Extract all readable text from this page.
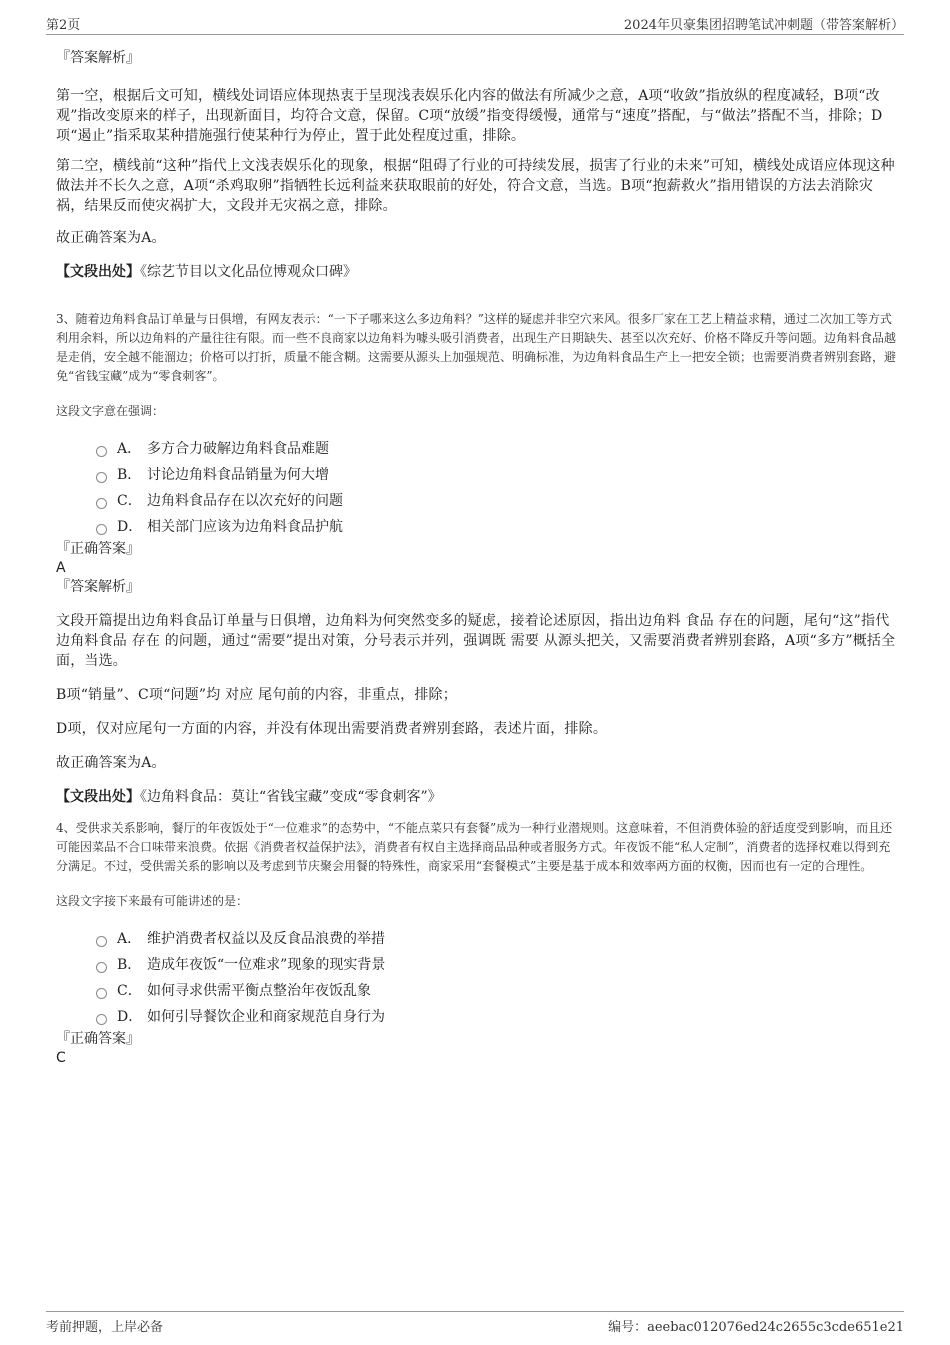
第2页	2024年贝豪集团招聘笔试冲刺题（带答案解析）
『答案解析』

第一空，根据后文可知，横线处词语应体现热衷于呈现浅表娱乐化内容的做法有所减少之意，A项“收敛”指放纵的程度减轻，B项“改观”指改变原来的样子，出现新面目，均符合文意，保留。C项“放缓”指变得缓慢，通常与“速度”搭配，与“做法”搭配不当，排除；D项“遏止”指采取某种措施强行使某种行为停止，置于此处程度过重，排除。

第二空，横线前“这种”指代上文浅表娱乐化的现象，根据“阻碍了行业的可持续发展，损害了行业的未来”可知，横线处成语应体现这种做法并不长久之意，A项“杀鸡取卵”指牺牲长远利益来获取眼前的好处，符合文意，当选。B项“抱薪救火”指用错误的方法去消除灾祸，结果反而使灾祸扩大，文段并无灾祸之意，排除。

故正确答案为A。

【文段出处】《综艺节目以文化品位博观众口碑》

3、随着边角料食品订单量与日俱增，有网友表示：“一下子哪来这么多边角料？”这样的疑虑并非空穴来风。很多厂家在工艺上精益求精，通过二次加工等方式利用余料，所以边角料的产量往往有限。而一些不良商家以边角料为噱头吸引消费者，出现生产日期缺失、甚至以次充好、价格不降反升等问题。边角料食品越是走俏，安全越不能溜边；价格可以打折，质量不能含糊。这需要从源头上加强规范、明确标准，为边角料食品生产上一把安全锁；也需要消费者辨别套路，避免“省钱宝藏”成为“零食刺客”。

这段文字意在强调：

A． 多方合力破解边角料食品难题
B． 讨论边角料食品销量为何大增
C． 边角料食品存在以次充好的问题
D． 相关部门应该为边角料食品护航
『正确答案』
A
『答案解析』

文段开篇提出边角料食品订单量与日俱增，边角料为何突然变多的疑虑，接着论述原因，指出边角料 食品 存在的问题，尾句“这”指代边角料食品 存在 的问题，通过“需要”提出对策，分号表示并列，强调既 需要 从源头把关，又需要消费者辨别套路，A项“多方”概括全面，当选。

B项“销量”、C项“问题”均 对应 尾句前的内容，非重点，排除；

D项，仅对应尾句一方面的内容，并没有体现出需要消费者辨别套路，表述片面，排除。

故正确答案为A。

【文段出处】《边角料食品：莫让“省钱宝藏”变成“零食刺客”》

4、受供求关系影响，餐厅的年夜饭处于“一位难求”的态势中，“不能点菜只有套餐”成为一种行业潜规则。这意味着，不但消费体验的舒适度受到影响，而且还可能因菜品不合口味带来浪费。依据《消费者权益保护法》，消费者有权自主选择商品品种或者服务方式。年夜饭不能“私人定制”，消费者的选择权难以得到充分满足。不过，受供需关系的影响以及考虑到节庆聚会用餐的特殊性，商家采用“套餐模式”主要是基于成本和效率两方面的权衡，因而也有一定的合理性。

这段文字接下来最有可能讲述的是：

A． 维护消费者权益以及反食品浪费的举措
B． 造成年夜饭“一位难求”现象的现实背景
C． 如何寻求供需平衡点整治年夜饭乱象
D． 如何引导餐饮企业和商家规范自身行为
『正确答案』
C
考前押题，上岸必备	编号：aeebac012076ed24c2655c3cde651e21
